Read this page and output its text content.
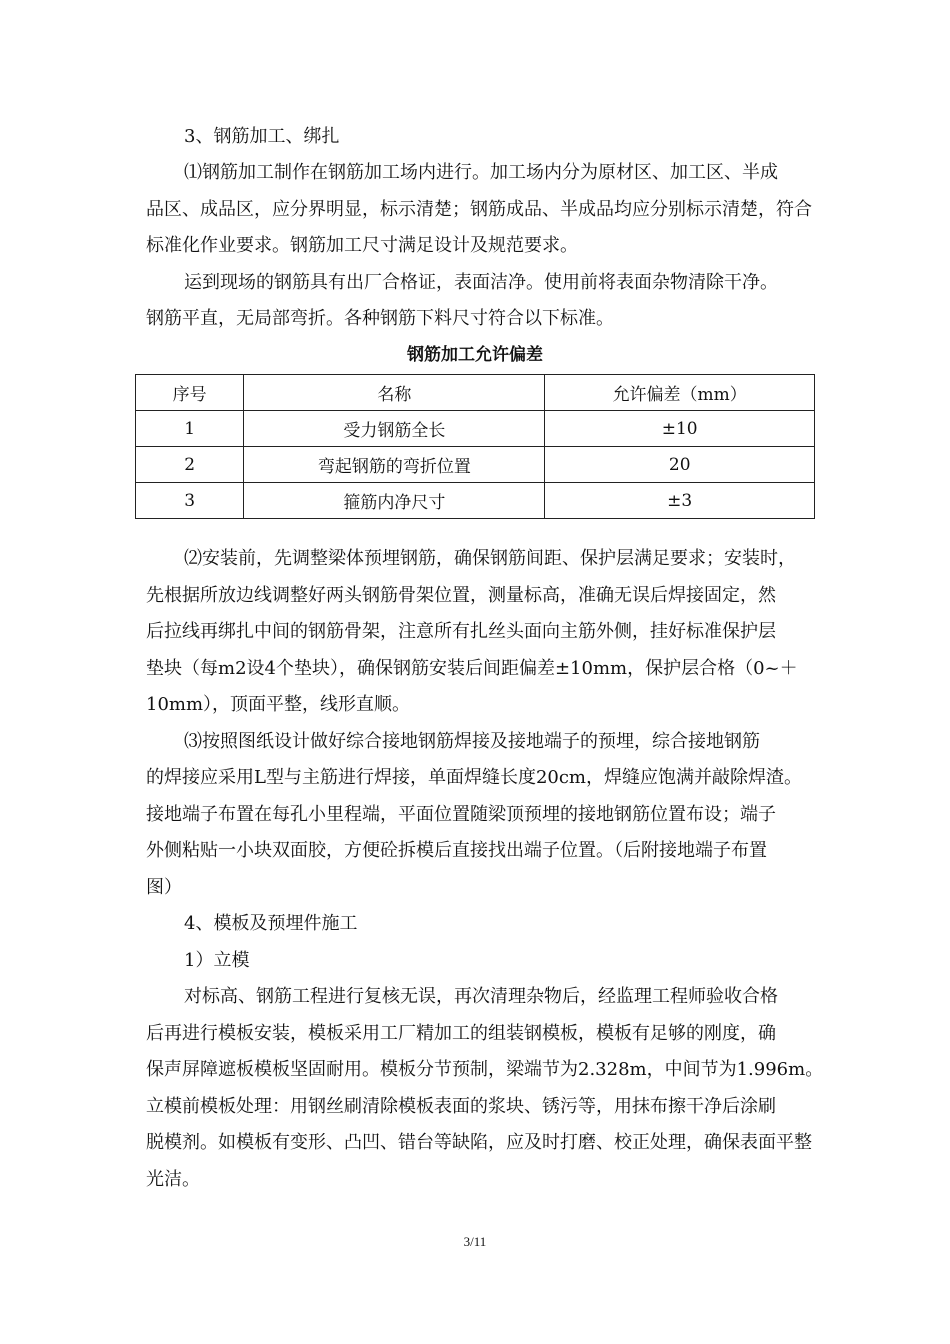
3、钢筋加工、绑扎
⑴钢筋加工制作在钢筋加工场内进行。加工场内分为原材区、加工区、半成
品区、成品区，应分界明显，标示清楚；钢筋成品、半成品均应分别标示清楚，符合
标准化作业要求。钢筋加工尺寸满足设计及规范要求。
运到现场的钢筋具有出厂合格证，表面洁净。使用前将表面杂物清除干净。
钢筋平直，无局部弯折。各种钢筋下料尺寸符合以下标准。
钢筋加工允许偏差
序号	名称	允许偏差（mm）
1	受力钢筋全长	±10
2	弯起钢筋的弯折位置	20
3	箍筋内净尺寸	±3
⑵安装前，先调整梁体预埋钢筋，确保钢筋间距、保护层满足要求；安装时，
先根据所放边线调整好两头钢筋骨架位置，测量标高，准确无误后焊接固定，然
后拉线再绑扎中间的钢筋骨架，注意所有扎丝头面向主筋外侧，挂好标准保护层
垫块（每m2设4个垫块），确保钢筋安装后间距偏差±10mm，保护层合格（0~＋
10mm），顶面平整，线形直顺。
⑶按照图纸设计做好综合接地钢筋焊接及接地端子的预埋，综合接地钢筋
的焊接应采用L型与主筋进行焊接，单面焊缝长度20cm，焊缝应饱满并敲除焊渣。
接地端子布置在每孔小里程端，平面位置随梁顶预埋的接地钢筋位置布设；端子
外侧粘贴一小块双面胶，方便砼拆模后直接找出端子位置。（后附接地端子布置
图）
4、模板及预埋件施工
1）立模
对标高、钢筋工程进行复核无误，再次清理杂物后，经监理工程师验收合格
后再进行模板安装，模板采用工厂精加工的组装钢模板，模板有足够的刚度，确
保声屏障遮板模板坚固耐用。模板分节预制，梁端节为2.328m，中间节为1.996m。
立模前模板处理：用钢丝刷清除模板表面的浆块、锈污等，用抹布擦干净后涂刷
脱模剂。如模板有变形、凸凹、错台等缺陷，应及时打磨、校正处理，确保表面平整
光洁。
3/11
